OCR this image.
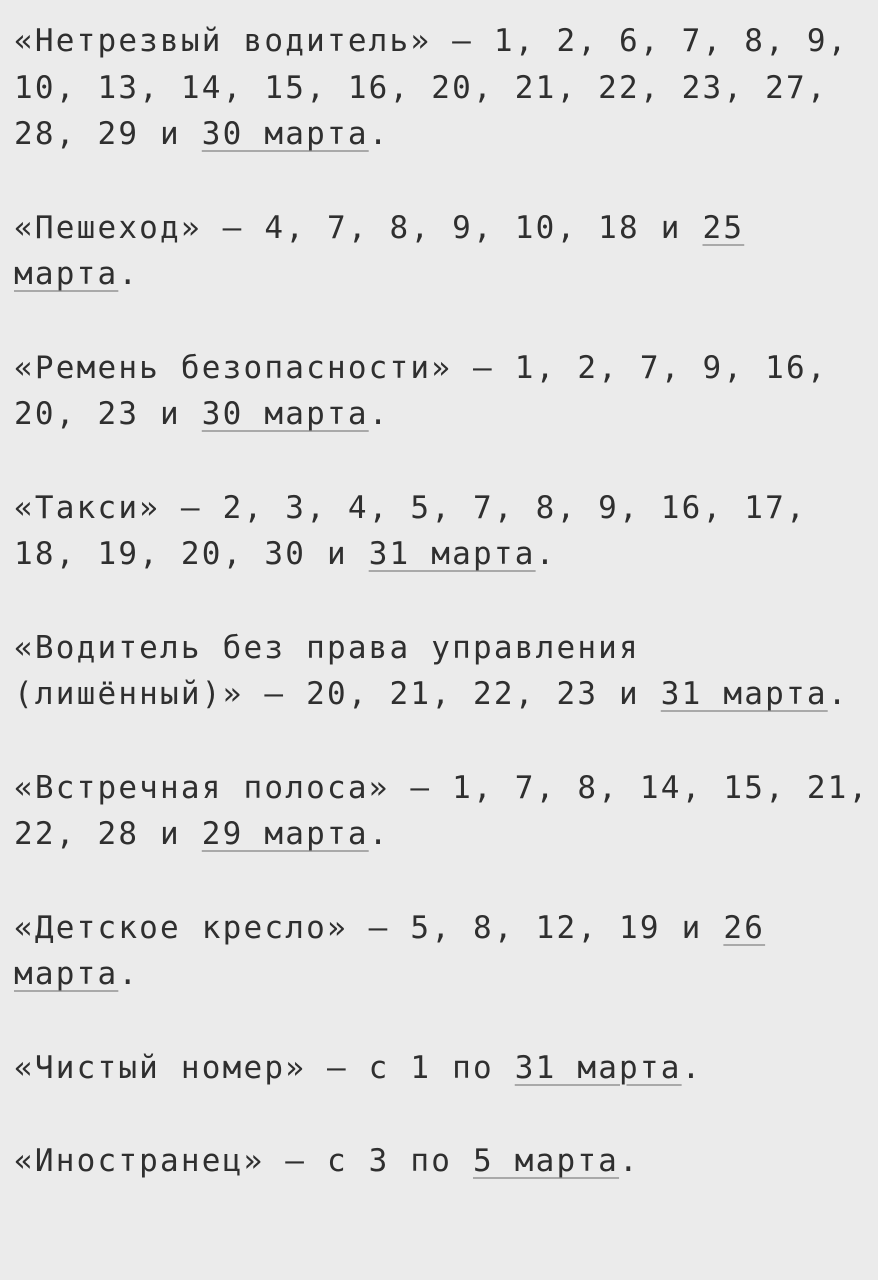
«Нетрезвый водитель» — 1, 2, 6, 7, 8, 9, 10, 13, 14, 15, 16, 20, 21, 22, 23, 27, 28, 29 и 30 марта.

«Пешеход» — 4, 7, 8, 9, 10, 18 и 25 марта.

«Ремень безопасности» — 1, 2, 7, 9, 16, 20, 23 и 30 марта.

«Такси» — 2, 3, 4, 5, 7, 8, 9, 16, 17, 18, 19, 20, 30 и 31 марта.

«Водитель без права управления (лишённый)» — 20, 21, 22, 23 и 31 марта.

«Встречная полоса» — 1, 7, 8, 14, 15, 21, 22, 28 и 29 марта.

«Детское кресло» — 5, 8, 12, 19 и 26 марта.

«Чистый номер» — с 1 по 31 марта.

«Иностранец» — с 3 по 5 марта.
